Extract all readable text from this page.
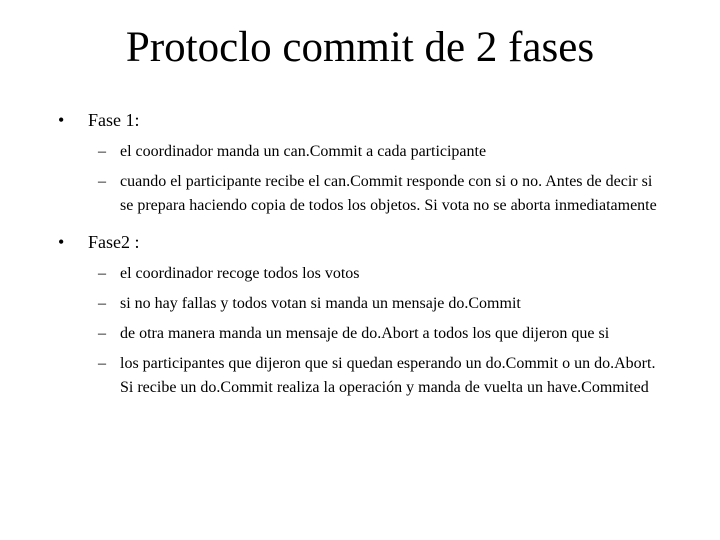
Protoclo commit de 2 fases
•	Fase 1:
– el coordinador manda un can.Commit a cada participante
– cuando el participante recibe el can.Commit responde con si o no. Antes de decir si se prepara haciendo copia de todos los objetos. Si vota no se aborta inmediatamente
•	Fase2 :
– el coordinador recoge todos los votos
– si no hay fallas y todos votan si manda un mensaje do.Commit
– de otra manera manda un mensaje de do.Abort a todos los que dijeron que si
– los participantes que dijeron que si quedan esperando un do.Commit o un do.Abort. Si recibe un do.Commit realiza la operación y manda de vuelta un have.Commited
